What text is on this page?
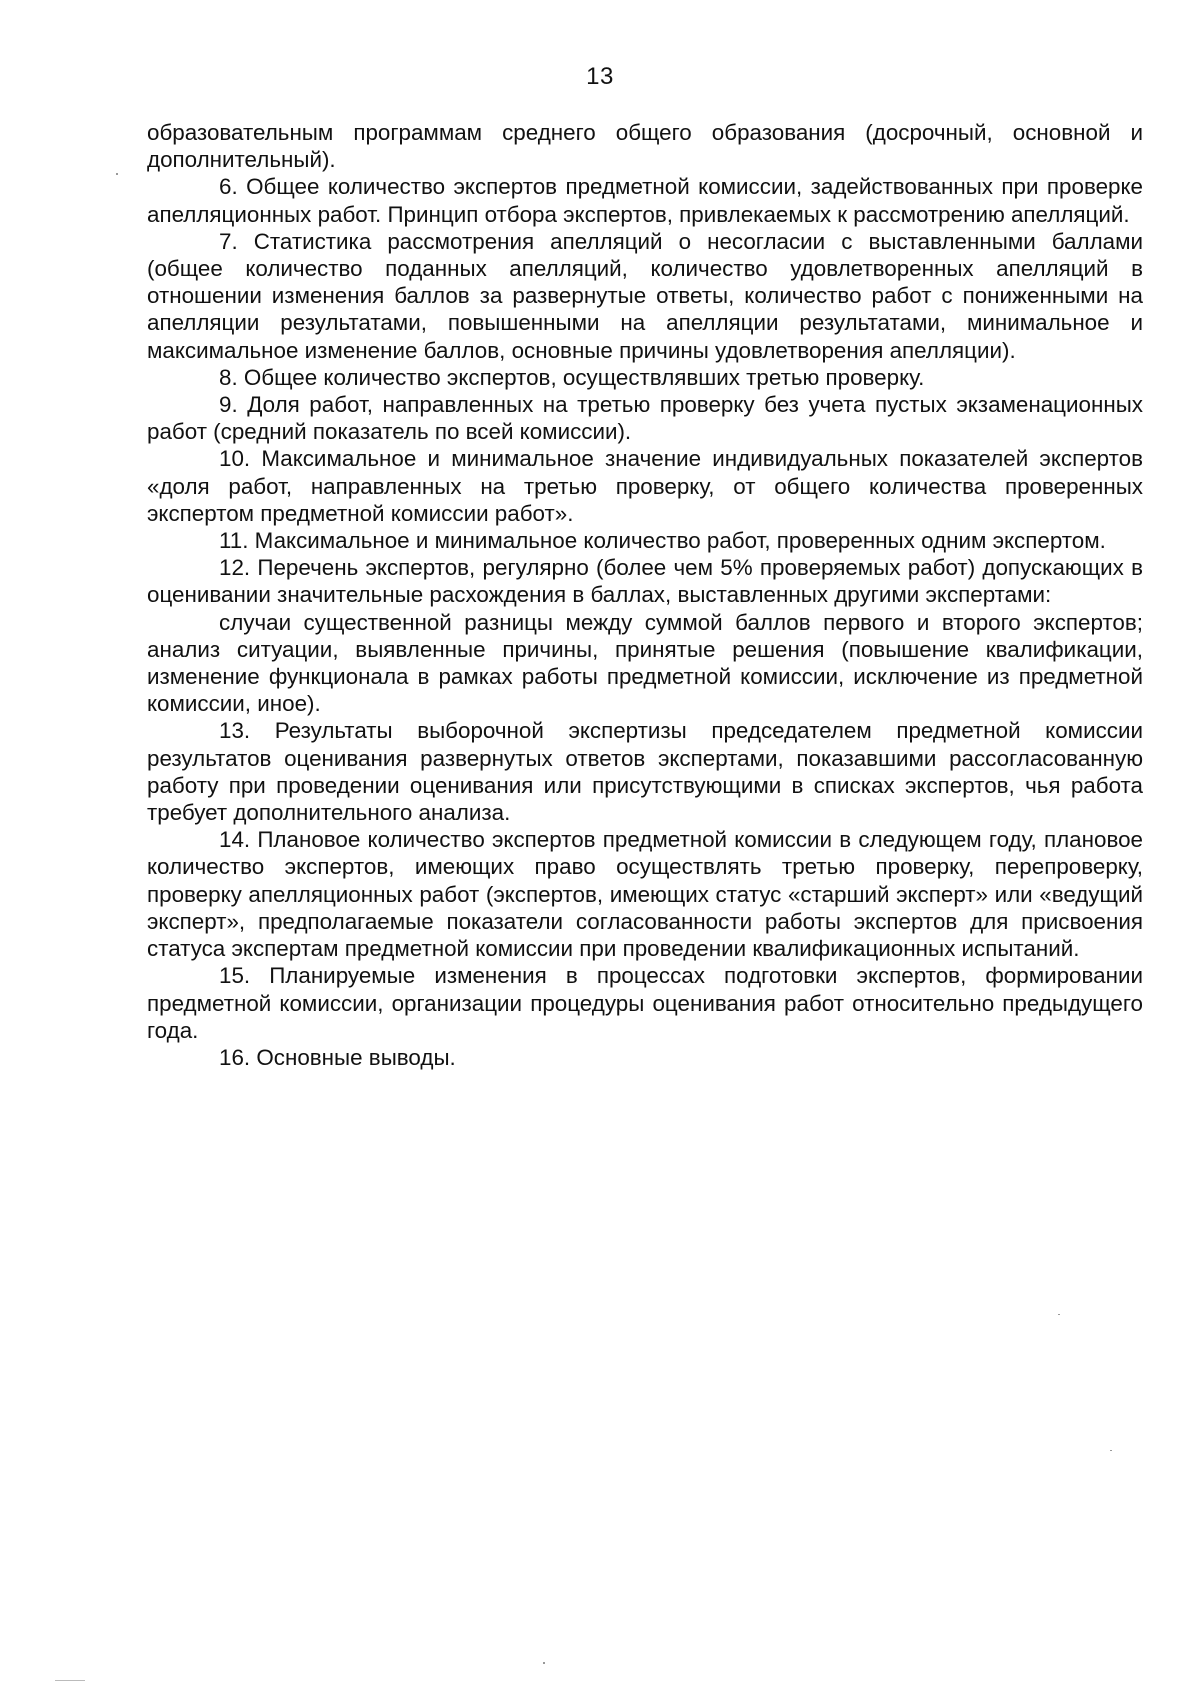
13

образовательным программам среднего общего образования (досрочный, основной и дополнительный).

6. Общее количество экспертов предметной комиссии, задействованных при проверке апелляционных работ. Принцип отбора экспертов, привлекаемых к рассмотрению апелляций.

7. Статистика рассмотрения апелляций о несогласии с выставленными баллами (общее количество поданных апелляций, количество удовлетворенных апелляций в отношении изменения баллов за развернутые ответы, количество работ с пониженными на апелляции результатами, повышенными на апелляции результатами, минимальное и максимальное изменение баллов, основные причины удовлетворения апелляции).

8. Общее количество экспертов, осуществлявших третью проверку.

9. Доля работ, направленных на третью проверку без учета пустых экзаменационных работ (средний показатель по всей комиссии).

10. Максимальное и минимальное значение индивидуальных показателей экспертов «доля работ, направленных на третью проверку, от общего количества проверенных экспертом предметной комиссии работ».

11. Максимальное и минимальное количество работ, проверенных одним экспертом.

12. Перечень экспертов, регулярно (более чем 5% проверяемых работ) допускающих в оценивании значительные расхождения в баллах, выставленных другими экспертами:

случаи существенной разницы между суммой баллов первого и второго экспертов; анализ ситуации, выявленные причины, принятые решения (повышение квалификации, изменение функционала в рамках работы предметной комиссии, исключение из предметной комиссии, иное).

13. Результаты выборочной экспертизы председателем предметной комиссии результатов оценивания развернутых ответов экспертами, показавшими рассогласованную работу при проведении оценивания или присутствующими в списках экспертов, чья работа требует дополнительного анализа.

14. Плановое количество экспертов предметной комиссии в следующем году, плановое количество экспертов, имеющих право осуществлять третью проверку, перепроверку, проверку апелляционных работ (экспертов, имеющих статус «старший эксперт» или «ведущий эксперт», предполагаемые показатели согласованности работы экспертов для присвоения статуса экспертам предметной комиссии при проведении квалификационных испытаний.

15. Планируемые изменения в процессах подготовки экспертов, формировании предметной комиссии, организации процедуры оценивания работ относительно предыдущего года.

16. Основные выводы.
